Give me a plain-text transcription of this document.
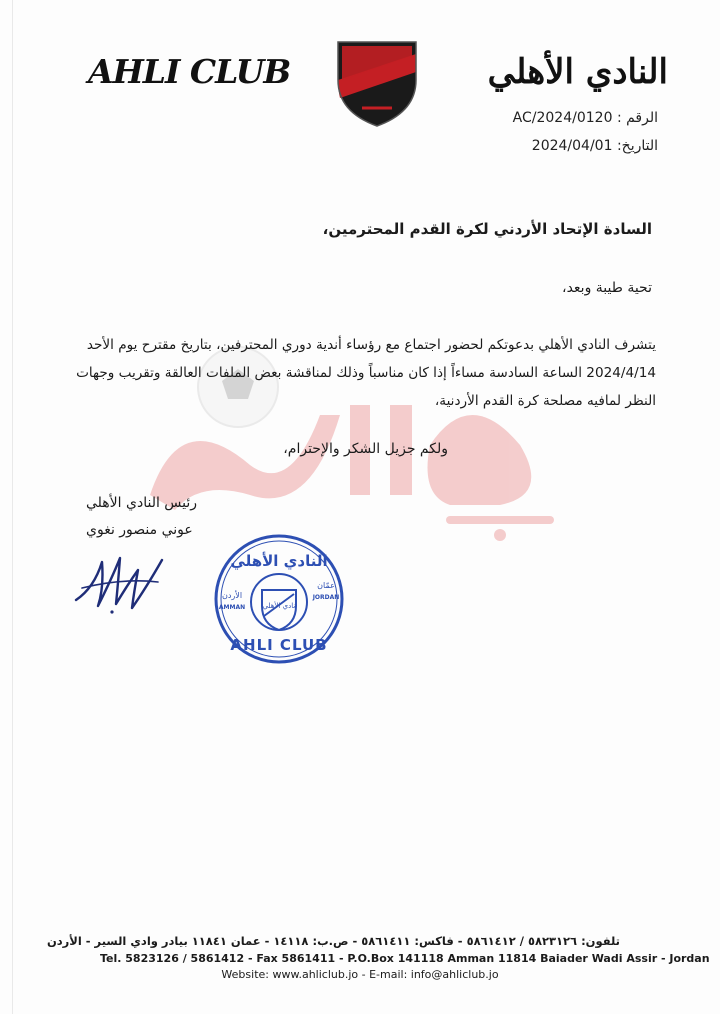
AHLI CLUB	النادي الأهلي
الرقم : AC/2024/0120
التاريخ: 2024/04/01
السادة الإتحاد الأردني لكرة القدم المحترمين،
تحية طيبة وبعد،
يتشرف النادي الأهلي بدعوتكم لحضور اجتماع مع رؤساء أندية دوري المحترفين، بتاريخ مقترح يوم الأحد
2024/4/14 الساعة السادسة مساءاً إذا كان مناسباً وذلك لمناقشة بعض الملفات العالقة وتقريب وجهات
النظر لمافيه مصلحة كرة القدم الأردنية،
ولكم جزيل الشكر والإحترام،
رئيس النادي الأهلي
عوني منصور نغوي
النادي الأهلي
AHLI CLUB
الأردن
AMMAN
عمّان
JORDAN
نادي الأهلي
تلفون: ٥٨٢٣١٢٦ / ٥٨٦١٤١٢ - فاكس: ٥٨٦١٤١١ - ص.ب: ١٤١١٨ - عمان ١١٨٤١ بيادر وادي السير - الأردن
Tel. 5823126 / 5861412 - Fax 5861411 - P.O.Box 141118 Amman 11814 Baiader Wadi Assir - Jordan
Website: www.ahliclub.jo - E-mail: info@ahliclub.jo
